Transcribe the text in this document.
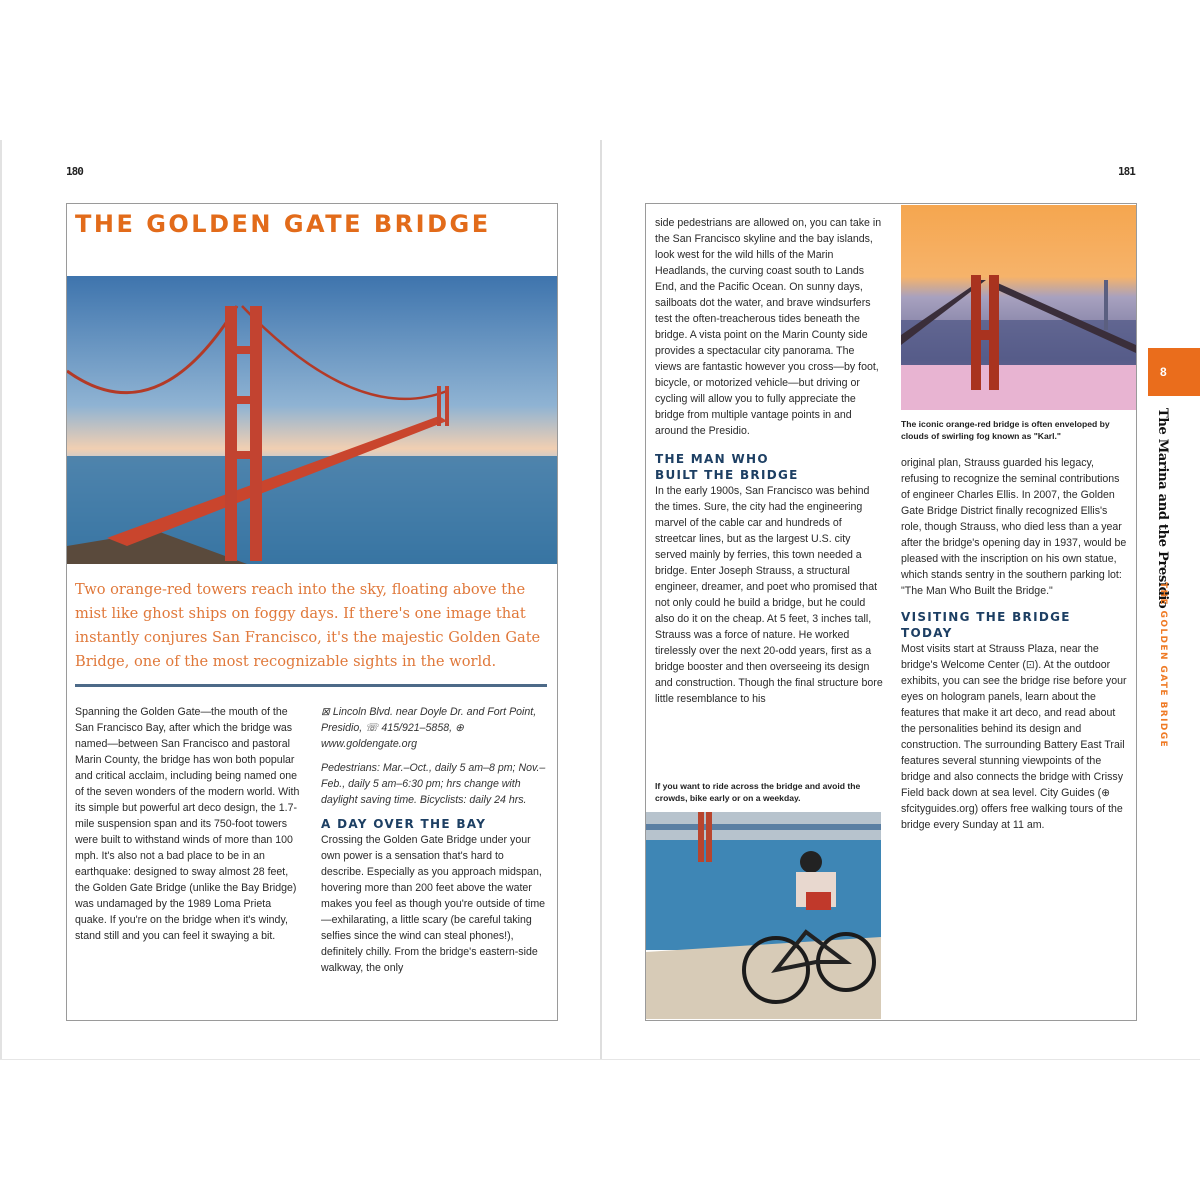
180
THE GOLDEN GATE BRIDGE
Two orange-red towers reach into the sky, floating above the mist like ghost ships on foggy days. If there's one image that instantly conjures San Francisco, it's the majestic Golden Gate Bridge, one of the most recognizable sights in the world.

Spanning the Golden Gate—the mouth of the San Francisco Bay, after which the bridge was named—between San Francisco and pastoral Marin County, the bridge has won both popular and critical acclaim, including being named one of the seven wonders of the modern world. With its simple but powerful art deco design, the 1.7-mile suspension span and its 750-foot towers were built to withstand winds of more than 100 mph. It's also not a bad place to be in an earthquake: designed to sway almost 28 feet, the Golden Gate Bridge (unlike the Bay Bridge) was undamaged by the 1989 Loma Prieta quake. If you're on the bridge when it's windy, stand still and you can feel it swaying a bit.

⊠ Lincoln Blvd. near Doyle Dr. and Fort Point, Presidio, ☏ 415/921–5858, ⊕ www.goldengate.org

Pedestrians: Mar.–Oct., daily 5 am–8 pm; Nov.–Feb., daily 5 am–6:30 pm; hrs change with daylight saving time. Bicyclists: daily 24 hrs.

A DAY OVER THE BAY

Crossing the Golden Gate Bridge under your own power is a sensation that's hard to describe. Especially as you approach midspan, hovering more than 200 feet above the water makes you feel as though you're outside of time—exhilarating, a little scary (be careful taking selfies since the wind can steal phones!), definitely chilly. From the bridge's eastern-side walkway, the only

181

side pedestrians are allowed on, you can take in the San Francisco skyline and the bay islands, look west for the wild hills of the Marin Headlands, the curving coast south to Lands End, and the Pacific Ocean. On sunny days, sailboats dot the water, and brave windsurfers test the often-treacherous tides beneath the bridge. A vista point on the Marin County side provides a spectacular city panorama. The views are fantastic however you cross—by foot, bicycle, or motorized vehicle—but driving or cycling will allow you to fully appreciate the bridge from multiple vantage points in and around the Presidio.

THE MAN WHO
BUILT THE BRIDGE

In the early 1900s, San Francisco was behind the times. Sure, the city had the engineering marvel of the cable car and hundreds of streetcar lines, but as the largest U.S. city served mainly by ferries, this town needed a bridge. Enter Joseph Strauss, a structural engineer, dreamer, and poet who promised that not only could he build a bridge, but he could also do it on the cheap. At 5 feet, 3 inches tall, Strauss was a force of nature. He worked tirelessly over the next 20-odd years, first as a bridge booster and then overseeing its design and construction. Though the final structure bore little resemblance to his

If you want to ride across the bridge and avoid the crowds, bike early or on a weekday.
The iconic orange-red bridge is often enveloped by clouds of swirling fog known as "Karl."

original plan, Strauss guarded his legacy, refusing to recognize the seminal contributions of engineer Charles Ellis. In 2007, the Golden Gate Bridge District finally recognized Ellis's role, though Strauss, who died less than a year after the bridge's opening day in 1937, would be pleased with the inscription on his own statue, which stands sentry in the southern parking lot: "The Man Who Built the Bridge."

VISITING THE BRIDGE TODAY

Most visits start at Strauss Plaza, near the bridge's Welcome Center (⊡). At the outdoor exhibits, you can see the bridge rise before your eyes on hologram panels, learn about the features that make it art deco, and read about the personalities behind its design and construction. The surrounding Battery East Trail features several stunning viewpoints of the bridge and also connects the bridge with Crissy Field back down at sea level. City Guides (⊕ sfcityguides.org) offers free walking tours of the bridge every Sunday at 11 am.

8
The Marina and the Presidio
THE GOLDEN GATE BRIDGE
